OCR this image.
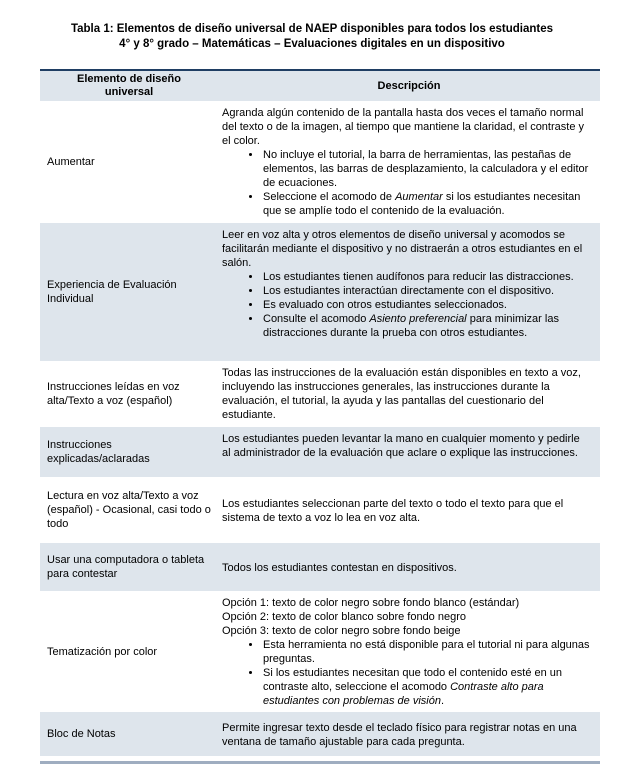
Tabla 1: Elementos de diseño universal de NAEP disponibles para todos los estudiantes
4° y 8° grado – Matemáticas – Evaluaciones digitales en un dispositivo
Elemento de diseño universal
Descripción
Aumentar

Agranda algún contenido de la pantalla hasta dos veces el tamaño normal del texto o de la imagen, al tiempo que mantiene la claridad, el contraste y el color.

• No incluye el tutorial, la barra de herramientas, las pestañas de elementos, las barras de desplazamiento, la calculadora y el editor de ecuaciones.
• Seleccione el acomodo de Aumentar si los estudiantes necesitan que se amplíe todo el contenido de la evaluación.
Experiencia de Evaluación Individual

Leer en voz alta y otros elementos de diseño universal y acomodos se facilitarán mediante el dispositivo y no distraerán a otros estudiantes en el salón.

• Los estudiantes tienen audífonos para reducir las distracciones.
• Los estudiantes interactúan directamente con el dispositivo.
• Es evaluado con otros estudiantes seleccionados.
• Consulte el acomodo Asiento preferencial para minimizar las distracciones durante la prueba con otros estudiantes.
Instrucciones leídas en voz alta/Texto a voz (español)

Todas las instrucciones de la evaluación están disponibles en texto a voz, incluyendo las instrucciones generales, las instrucciones durante la evaluación, el tutorial, la ayuda y las pantallas del cuestionario del estudiante.

Instrucciones explicadas/aclaradas

Los estudiantes pueden levantar la mano en cualquier momento y pedirle al administrador de la evaluación que aclare o explique las instrucciones.

Lectura en voz alta/Texto a voz (español) - Ocasional, casi todo o todo

Los estudiantes seleccionan parte del texto o todo el texto para que el sistema de texto a voz lo lea en voz alta.

Usar una computadora o tableta para contestar

Todos los estudiantes contestan en dispositivos.

Tematización por color

Opción 1: texto de color negro sobre fondo blanco (estándar)

Opción 2: texto de color blanco sobre fondo negro

Opción 3: texto de color negro sobre fondo beige

• Esta herramienta no está disponible para el tutorial ni para algunas preguntas.
• Si los estudiantes necesitan que todo el contenido esté en un contraste alto, seleccione el acomodo Contraste alto para estudiantes con problemas de visión.
Bloc de Notas

Permite ingresar texto desde el teclado físico para registrar notas en una ventana de tamaño ajustable para cada pregunta.
